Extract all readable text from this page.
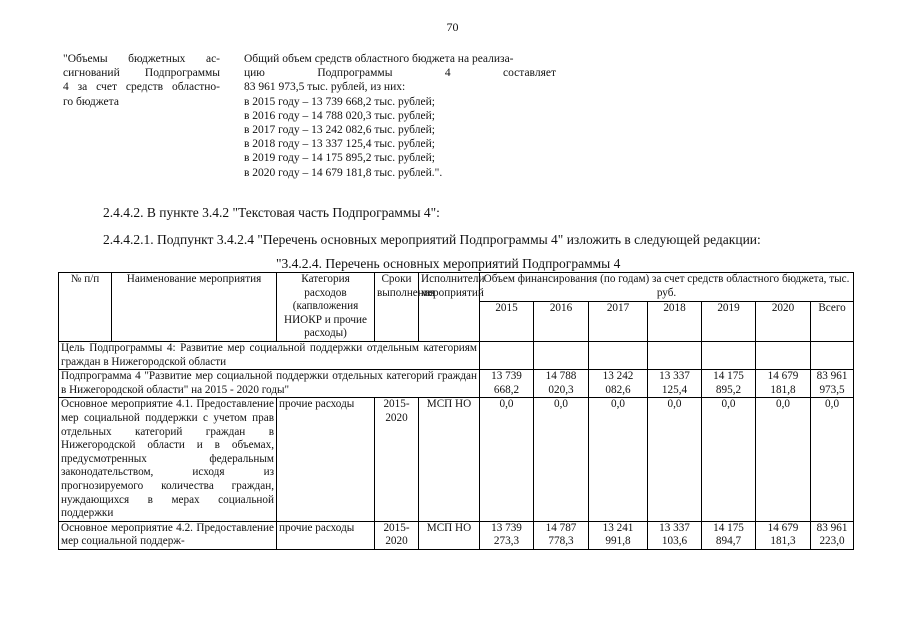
70
"Объемы бюджетных ас-
сигнований Подпрограммы
4 за счет средств областно-
го бюджета
Общий объем средств областного бюджета на реализа-
цию Подпрограммы 4 составляет
83 961 973,5 тыс. рублей, из них:
в 2015 году – 13 739 668,2 тыс. рублей;
в 2016 году – 14 788 020,3 тыс. рублей;
в 2017 году – 13 242 082,6 тыс. рублей;
в 2018 году – 13 337 125,4 тыс. рублей;
в 2019 году – 14 175 895,2 тыс. рублей;
в 2020 году – 14 679 181,8 тыс. рублей.".
2.4.4.2. В пункте 3.4.2 "Текстовая часть Подпрограммы 4":
2.4.4.2.1. Подпункт 3.4.2.4 "Перечень основных мероприятий Подпрограммы 4" изложить в следующей редакции:
"3.4.2.4. Перечень основных мероприятий Подпрограммы 4
№ п/п	Наименование мероприятия	Категория расходов (капвложения НИОКР и прочие расходы)	Сроки выполнения	Исполнители мероприятий	Объем финансирования (по годам) за счет средств областного бюджета, тыс. руб.						
					2015	2016	2017	2018	2019	2020	Всего
Цель Подпрограммы 4: Развитие мер социальной поддержки отдельным категориям граждан в Нижегородской области											
Подпрограмма 4 "Развитие мер социальной поддержки отдельных категорий граждан в Нижегородской области" на 2015 - 2020 годы"					13 739 668,2	14 788 020,3	13 242 082,6	13 337 125,4	14 175 895,2	14 679 181,8	83 961 973,5
Основное мероприятие 4.1. Предоставление мер социальной поддержки с учетом прав отдельных категорий граждан в Нижегородской области и в объемах, предусмотренных федеральным законодательством, исходя из прогнозируемого количества граждан, нуждающихся в мерах социальной поддержки		прочие расходы	2015-2020	МСП НО	0,0	0,0	0,0	0,0	0,0	0,0	0,0
Основное мероприятие 4.2. Предоставление мер социальной поддерж-		прочие расходы	2015-2020	МСП НО	13 739 273,3	14 787 778,3	13 241 991,8	13 337 103,6	14 175 894,7	14 679 181,3	83 961 223,0
